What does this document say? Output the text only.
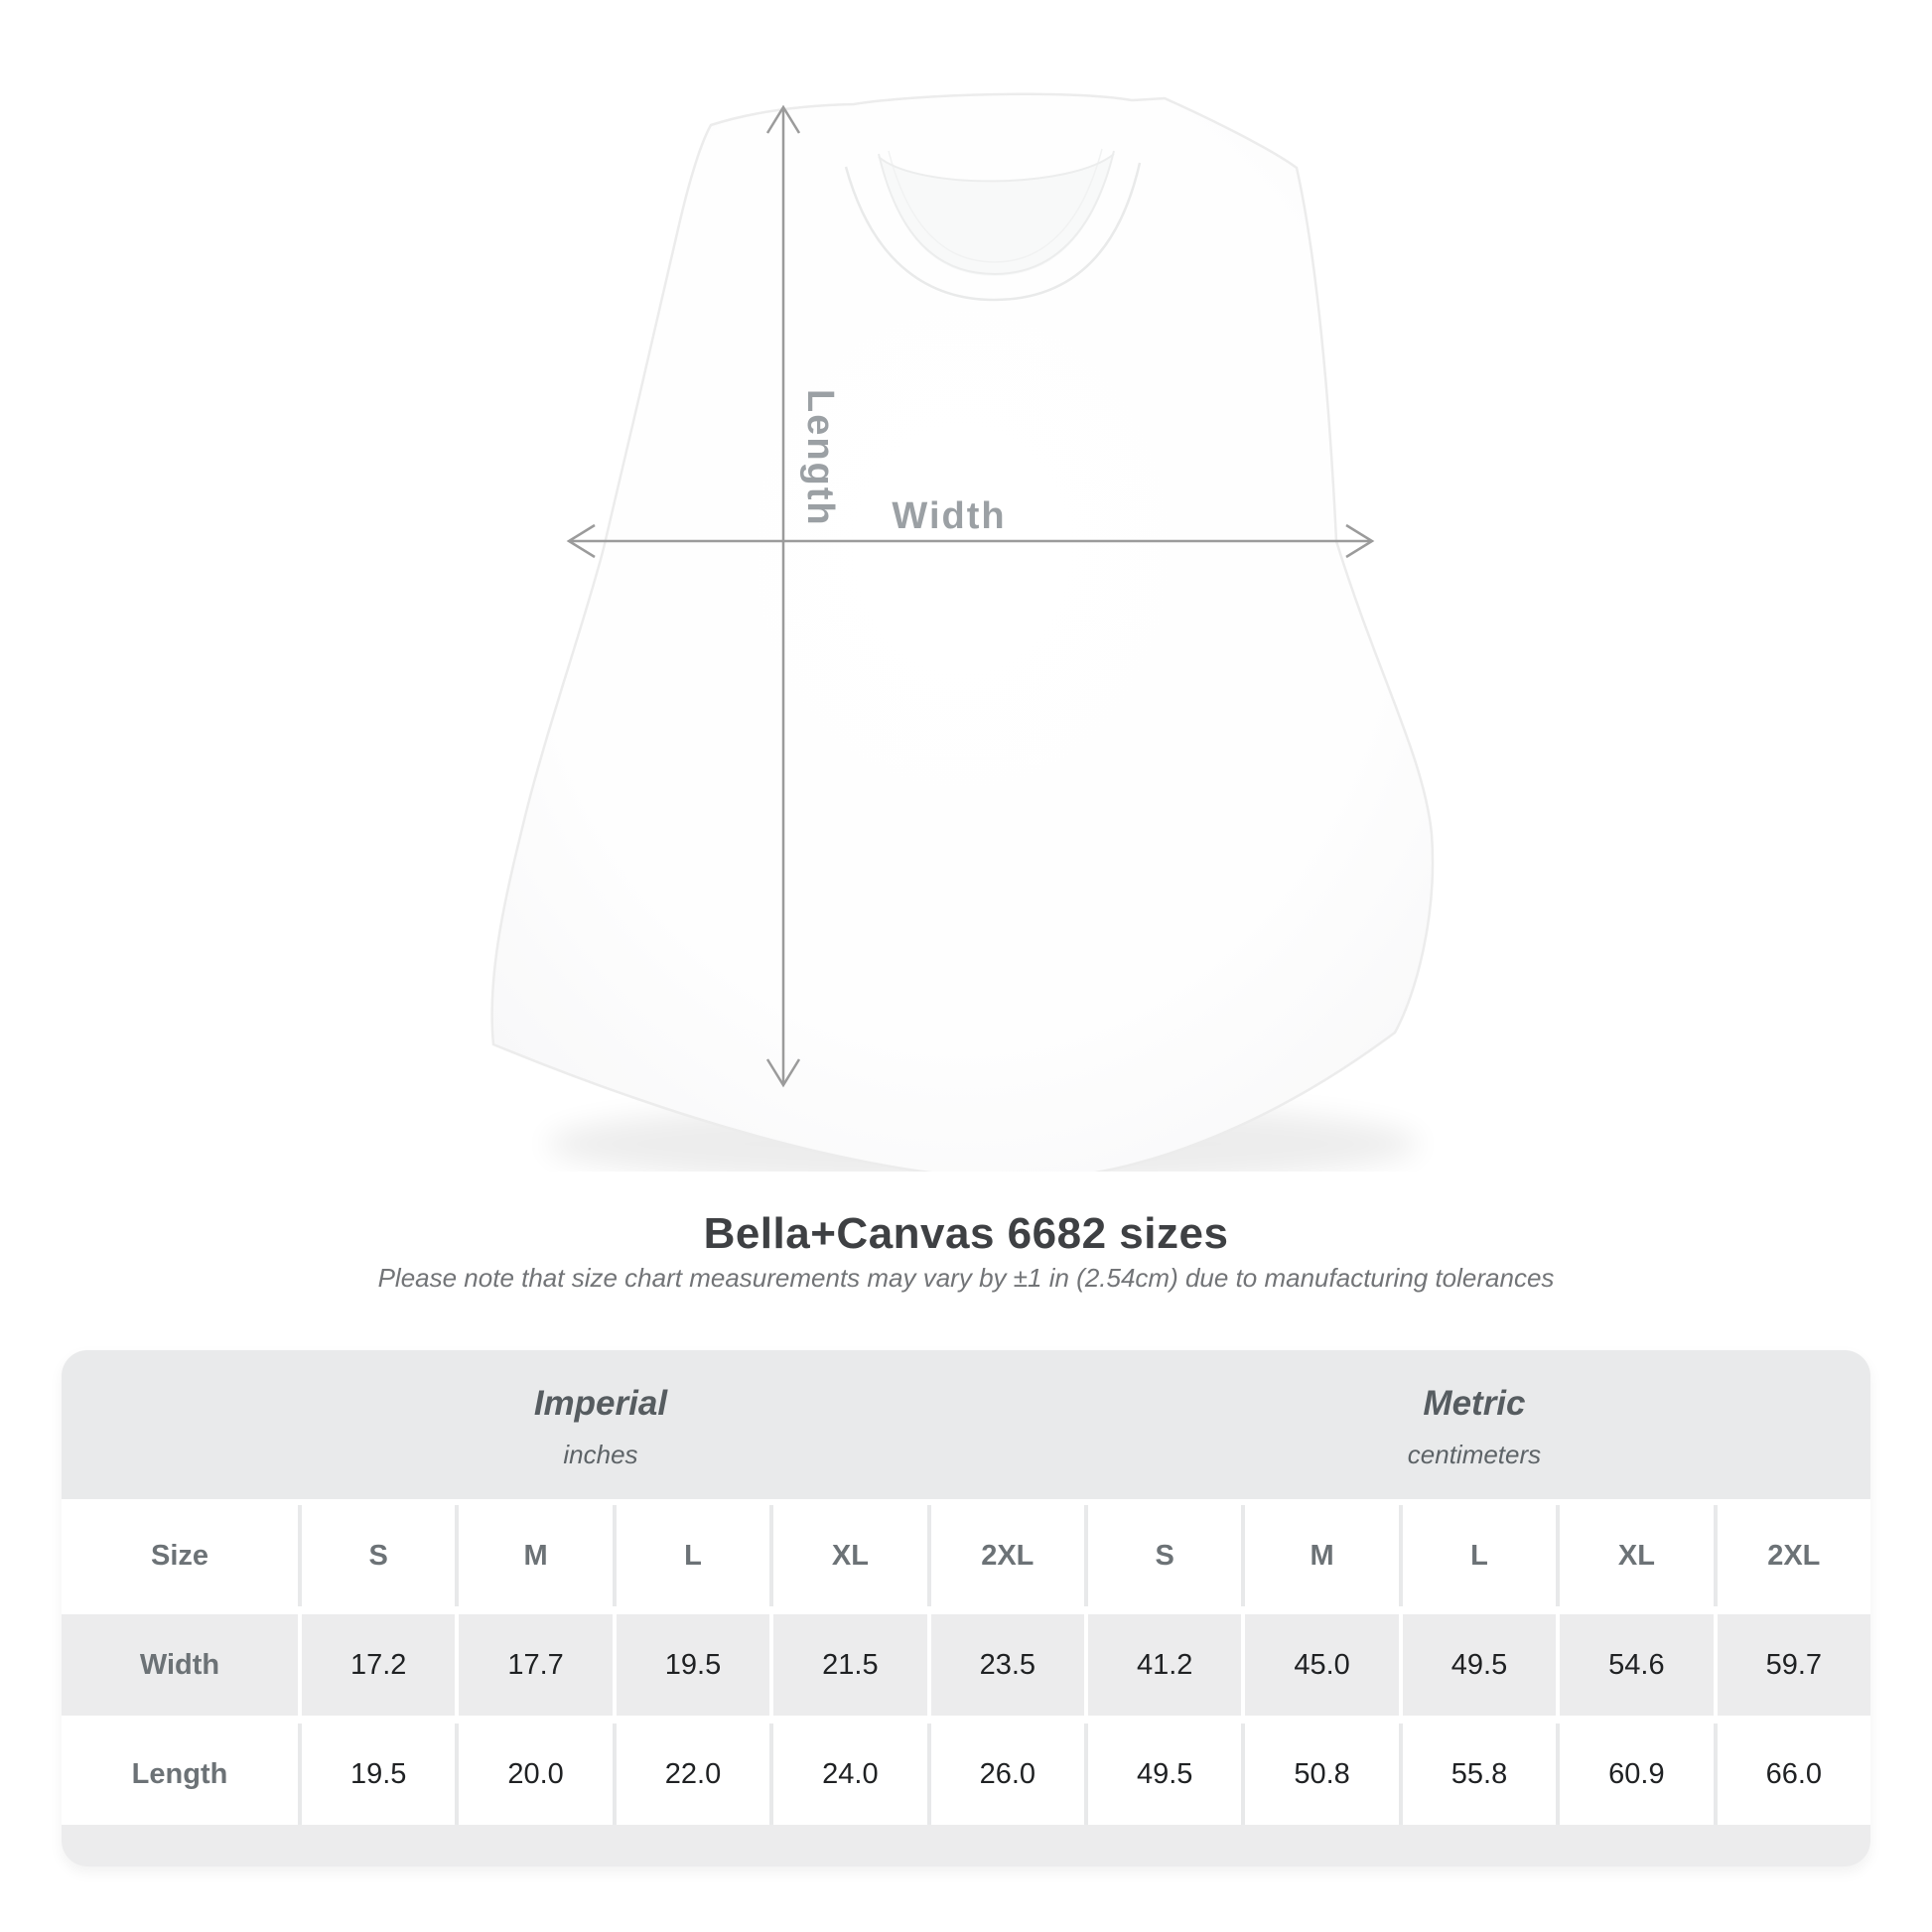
Length Width
Bella+Canvas 6682 sizes
Please note that size chart measurements may vary by ±1 in (2.54cm) due to manufacturing tolerances
Imperial
inches
Metric
centimeters
Size	S	M	L	XL	2XL	S	M	L	XL	2XL
Width	17.2	17.7	19.5	21.5	23.5	41.2	45.0	49.5	54.6	59.7
Length	19.5	20.0	22.0	24.0	26.0	49.5	50.8	55.8	60.9	66.0
